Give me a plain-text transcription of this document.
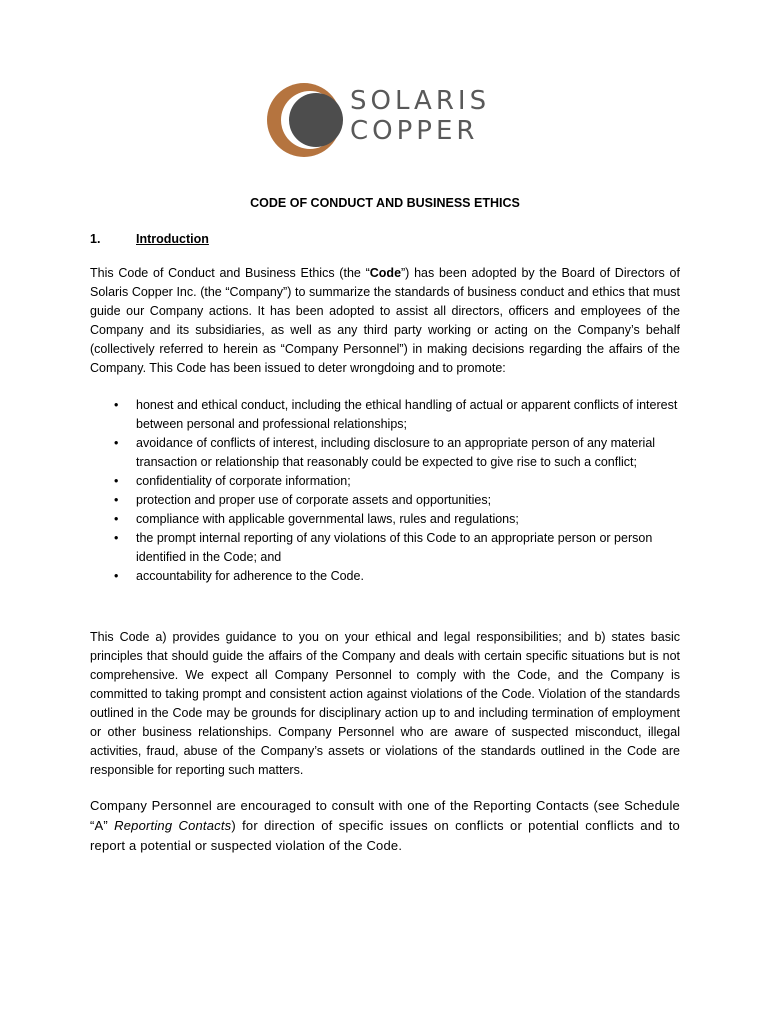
SOLARIS
COPPER
CODE OF CONDUCT AND BUSINESS ETHICS
1.	Introduction

This Code of Conduct and Business Ethics (the “Code”) has been adopted by the Board of Directors of Solaris Copper Inc. (the “Company”) to summarize the standards of business conduct and ethics that must guide our Company actions. It has been adopted to assist all directors, officers and employees of the Company and its subsidiaries, as well as any third party working or acting on the Company’s behalf (collectively referred to herein as “Company Personnel”) in making decisions regarding the affairs of the Company. This Code has been issued to deter wrongdoing and to promote:

• honest and ethical conduct, including the ethical handling of actual or apparent conflicts of interest between personal and professional relationships;
• avoidance of conflicts of interest, including disclosure to an appropriate person of any material transaction or relationship that reasonably could be expected to give rise to such a conflict;
• confidentiality of corporate information;
• protection and proper use of corporate assets and opportunities;
• compliance with applicable governmental laws, rules and regulations;
• the prompt internal reporting of any violations of this Code to an appropriate person or person identified in the Code; and
• accountability for adherence to the Code.

This Code a) provides guidance to you on your ethical and legal responsibilities; and b) states basic principles that should guide the affairs of the Company and deals with certain specific situations but is not comprehensive. We expect all Company Personnel to comply with the Code, and the Company is committed to taking prompt and consistent action against violations of the Code. Violation of the standards outlined in the Code may be grounds for disciplinary action up to and including termination of employment or other business relationships. Company Personnel who are aware of suspected misconduct, illegal activities, fraud, abuse of the Company’s assets or violations of the standards outlined in the Code are responsible for reporting such matters.

Company Personnel are encouraged to consult with one of the Reporting Contacts (see Schedule “A” Reporting Contacts) for direction of specific issues on conflicts or potential conflicts and to report a potential or suspected violation of the Code.
